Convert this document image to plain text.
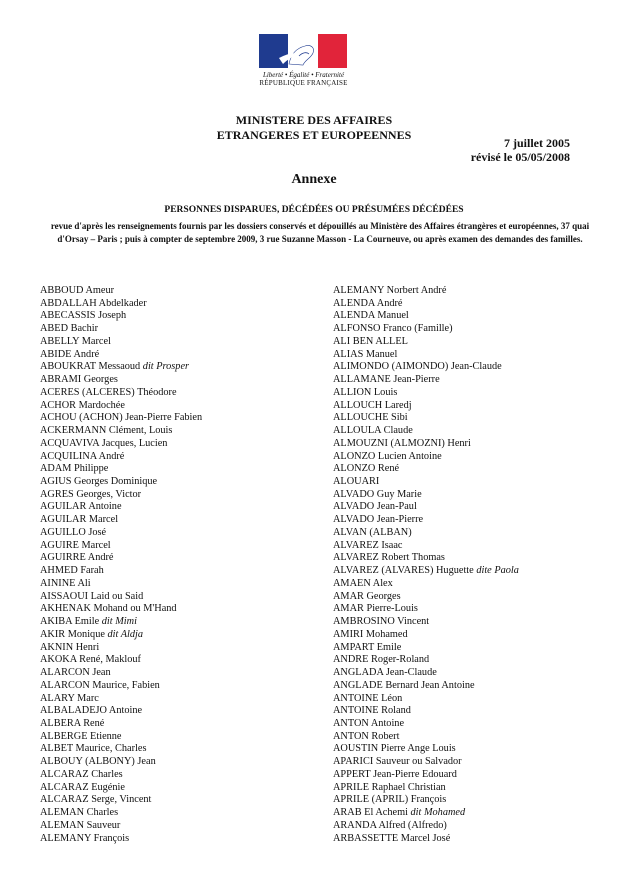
Liberté • Égalité • Fraternité
RÉPUBLIQUE FRANÇAISE
MINISTERE DES AFFAIRES
ETRANGERES ET EUROPEENNES
7 juillet 2005
révisé le 05/05/2008
Annexe
PERSONNES DISPARUES, DÉCÉDÉES OU PRÉSUMÉES DÉCÉDÉES
revue d'après les renseignements fournis par les dossiers conservés et dépouillés au Ministère des Affaires étrangères et européennes, 37 quai d'Orsay – Paris ; puis à compter de septembre 2009, 3 rue Suzanne Masson - La Courneuve, ou après examen des demandes des familles.
ABBOUD Ameur
ABDALLAH Abdelkader
ABECASSIS Joseph
ABED Bachir
ABELLY Marcel
ABIDE André
ABOUKRAT Messaoud dit Prosper
ABRAMI Georges
ACERES (ALCERES) Théodore
ACHOR Mardochée
ACHOU (ACHON) Jean-Pierre Fabien
ACKERMANN Clément, Louis
ACQUAVIVA Jacques, Lucien
ACQUILINA André
ADAM Philippe
AGIUS Georges Dominique
AGRES Georges, Victor
AGUILAR Antoine
AGUILAR Marcel
AGUILLO José
AGUIRE Marcel
AGUIRRE André
AHMED Farah
AININE Ali
AISSAOUI Laid ou Said
AKHENAK Mohand ou M'Hand
AKIBA Emile dit Mimi
AKIR Monique dit Aldja
AKNIN Henri
AKOKA René, Maklouf
ALARCON Jean
ALARCON Maurice, Fabien
ALARY Marc
ALBALADEJO Antoine
ALBERA René
ALBERGE Etienne
ALBET Maurice, Charles
ALBOUY (ALBONY) Jean
ALCARAZ Charles
ALCARAZ Eugénie
ALCARAZ Serge, Vincent
ALEMAN Charles
ALEMAN Sauveur
ALEMANY François
ALEMANY Norbert André
ALENDA André
ALENDA Manuel
ALFONSO Franco (Famille)
ALI BEN ALLEL
ALIAS Manuel
ALIMONDO (AIMONDO) Jean-Claude
ALLAMANE Jean-Pierre
ALLION Louis
ALLOUCH Laredj
ALLOUCHE Sibi
ALLOULA Claude
ALMOUZNI (ALMOZNI) Henri
ALONZO Lucien Antoine
ALONZO René
ALOUARI
ALVADO Guy Marie
ALVADO Jean-Paul
ALVADO Jean-Pierre
ALVAN (ALBAN)
ALVAREZ Isaac
ALVAREZ Robert Thomas
ALVAREZ (ALVARES) Huguette dite Paola
AMAEN Alex
AMAR Georges
AMAR Pierre-Louis
AMBROSINO Vincent
AMIRI Mohamed
AMPART Emile
ANDRE Roger-Roland
ANGLADA Jean-Claude
ANGLADE Bernard Jean Antoine
ANTOINE Léon
ANTOINE Roland
ANTON Antoine
ANTON Robert
AOUSTIN Pierre Ange Louis
APARICI Sauveur ou Salvador
APPERT Jean-Pierre Edouard
APRILE Raphael Christian
APRILE (APRIL) François
ARAB El Achemi dit Mohamed
ARANDA Alfred (Alfredo)
ARBASSETTE Marcel José
